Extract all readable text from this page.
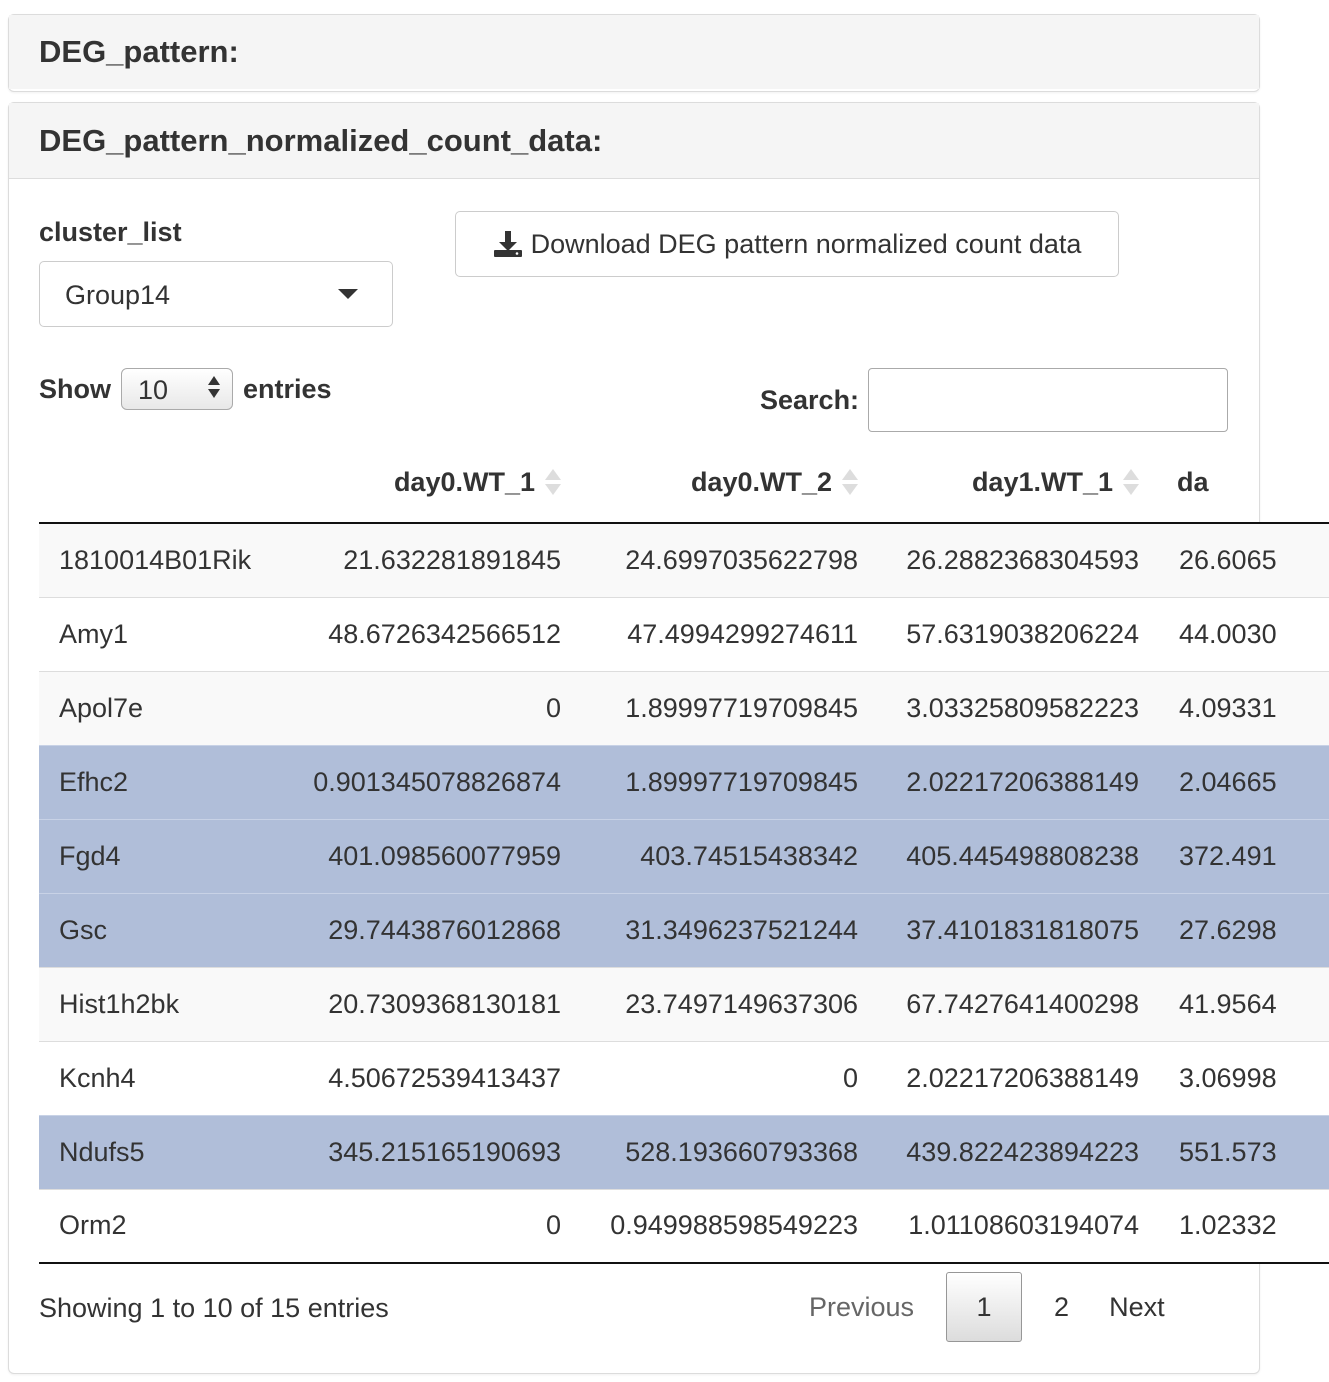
DEG_pattern:
DEG_pattern_normalized_count_data:
cluster_list
Group14
Download DEG pattern normalized count data
Show 10	entries	Search:
	day0.WT_1	day0.WT_2	day1.WT_1	da
1810014B01Rik	21.632281891845	24.6997035622798	26.2882368304593	26.6065
Amy1	48.6726342566512	47.4994299274611	57.6319038206224	44.0030
Apol7e	0	1.89997719709845	3.03325809582223	4.09331
Efhc2	0.901345078826874	1.89997719709845	2.02217206388149	2.04665
Fgd4	401.098560077959	403.74515438342	405.445498808238	372.491
Gsc	29.7443876012868	31.3496237521244	37.4101831818075	27.6298
Hist1h2bk	20.7309368130181	23.7497149637306	67.7427641400298	41.9564
Kcnh4	4.50672539413437	0	2.02217206388149	3.06998
Ndufs5	345.215165190693	528.193660793368	439.822423894223	551.573
Orm2	0	0.949988598549223	1.01108603194074	1.02332
Showing 1 to 10 of 15 entries	Previous	1	2	Next
